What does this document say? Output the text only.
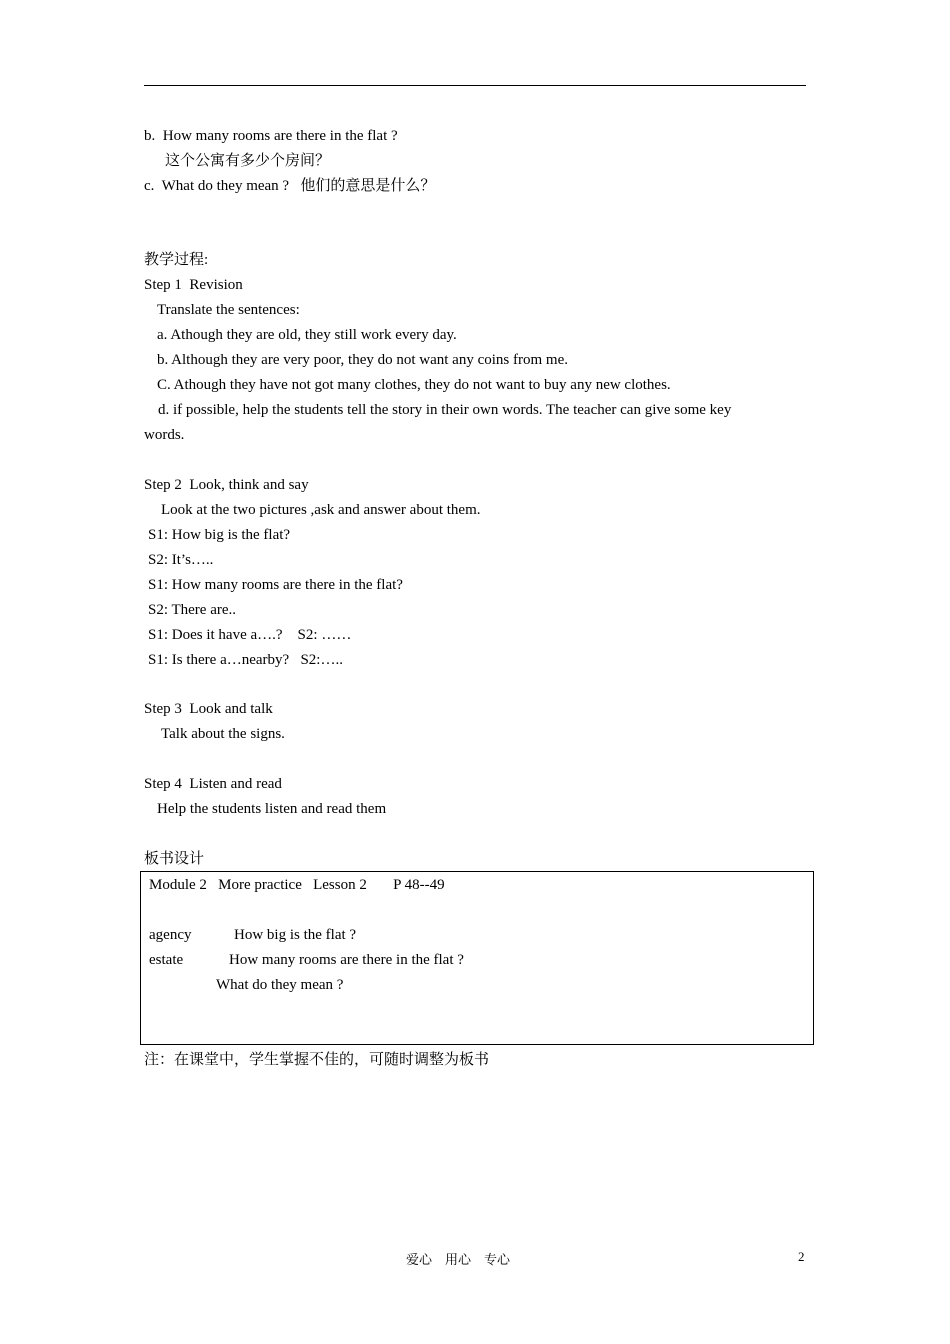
b.  How many rooms are there in the flat ?
这个公寓有多少个房间？
c.  What do they mean ?   他们的意思是什么？
教学过程:
Step 1  Revision
Translate the sentences:
a. Athough they are old, they still work every day.
b. Although they are very poor, they do not want any coins from me.
C. Athough they have not got many clothes, they do not want to buy any new clothes.
d. if possible, help the students tell the story in their own words. The teacher can give some key
words.
Step 2  Look, think and say
Look at the two pictures ,ask and answer about them.
S1: How big is the flat?
S2: It’s…..
S1: How many rooms are there in the flat?
S2: There are..
S1: Does it have a….?    S2: ……
S1: Is there a…nearby?   S2:…..
Step 3  Look and talk
Talk about the signs.
Step 4  Listen and read
Help the students listen and read them
板书设计
Module 2   More practice   Lesson 2       P 48--49
agency	How big is the flat ?
estate	How many rooms are there in the flat ?
What do they mean ?
注：在课堂中，学生掌握不佳的，可随时调整为板书
爱心    用心    专心	2
